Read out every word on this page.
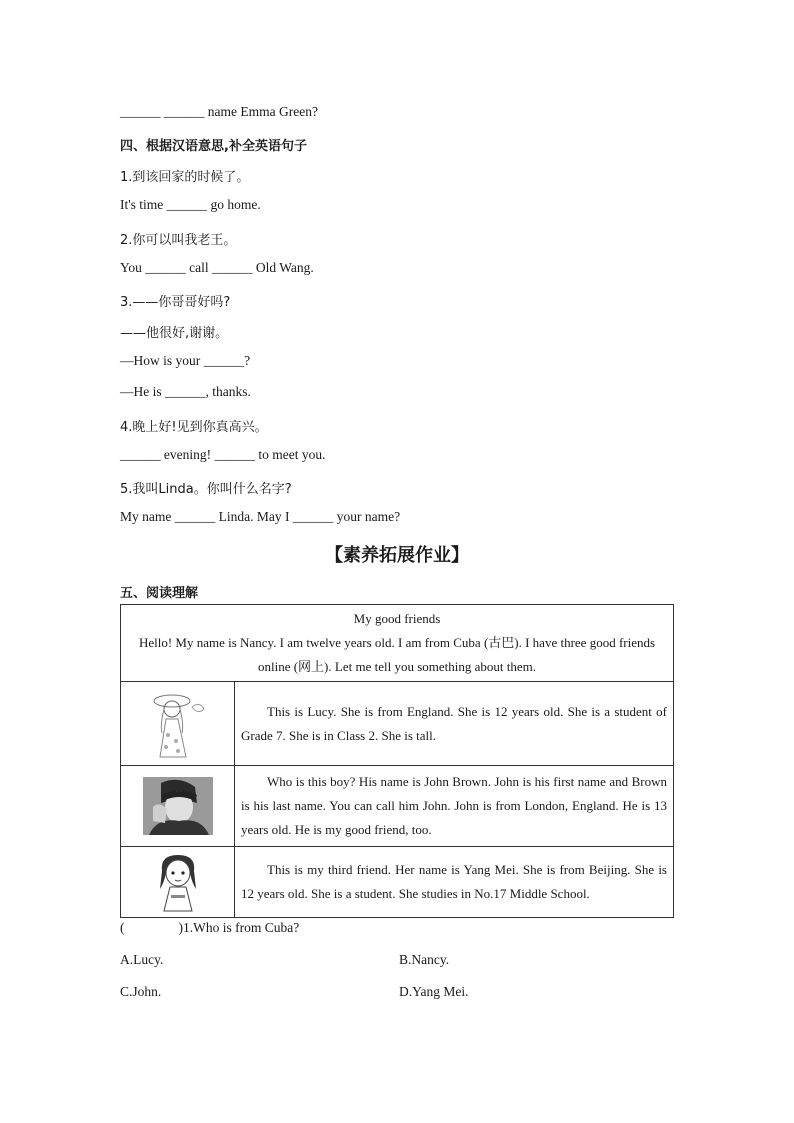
______ ______ name Emma Green?
四、根据汉语意思,补全英语句子
1.到该回家的时候了。
It's time ______ go home.
2.你可以叫我老王。
You ______ call ______ Old Wang.
3.——你哥哥好吗?
——他很好,谢谢。
—How is your ______?
—He is ______, thanks.
4.晚上好!见到你真高兴。
______ evening! ______ to meet you.
5.我叫Linda。你叫什么名字?
My name ______ Linda. May I ______ your name?
【素养拓展作业】
五、阅读理解
My good friends
Hello! My name is Nancy. I am twelve years old. I am from Cuba (古巴). I have three good friends online (网上). Let me tell you something about them.	

	This is Lucy. She is from England. She is 12 years old. She is a student of Grade 7. She is in Class 2. She is tall.

	Who is this boy? His name is John Brown. John is his first name and Brown is his last name. You can call him John. John is from London, England. He is 13 years old. He is my good friend, too.

	This is my third friend. Her name is Yang Mei. She is from Beijing. She is 12 years old. She is a student. She studies in No.17 Middle School.
(                )1.Who is from Cuba?
A.Lucy.	B.Nancy.
C.John.	D.Yang Mei.
